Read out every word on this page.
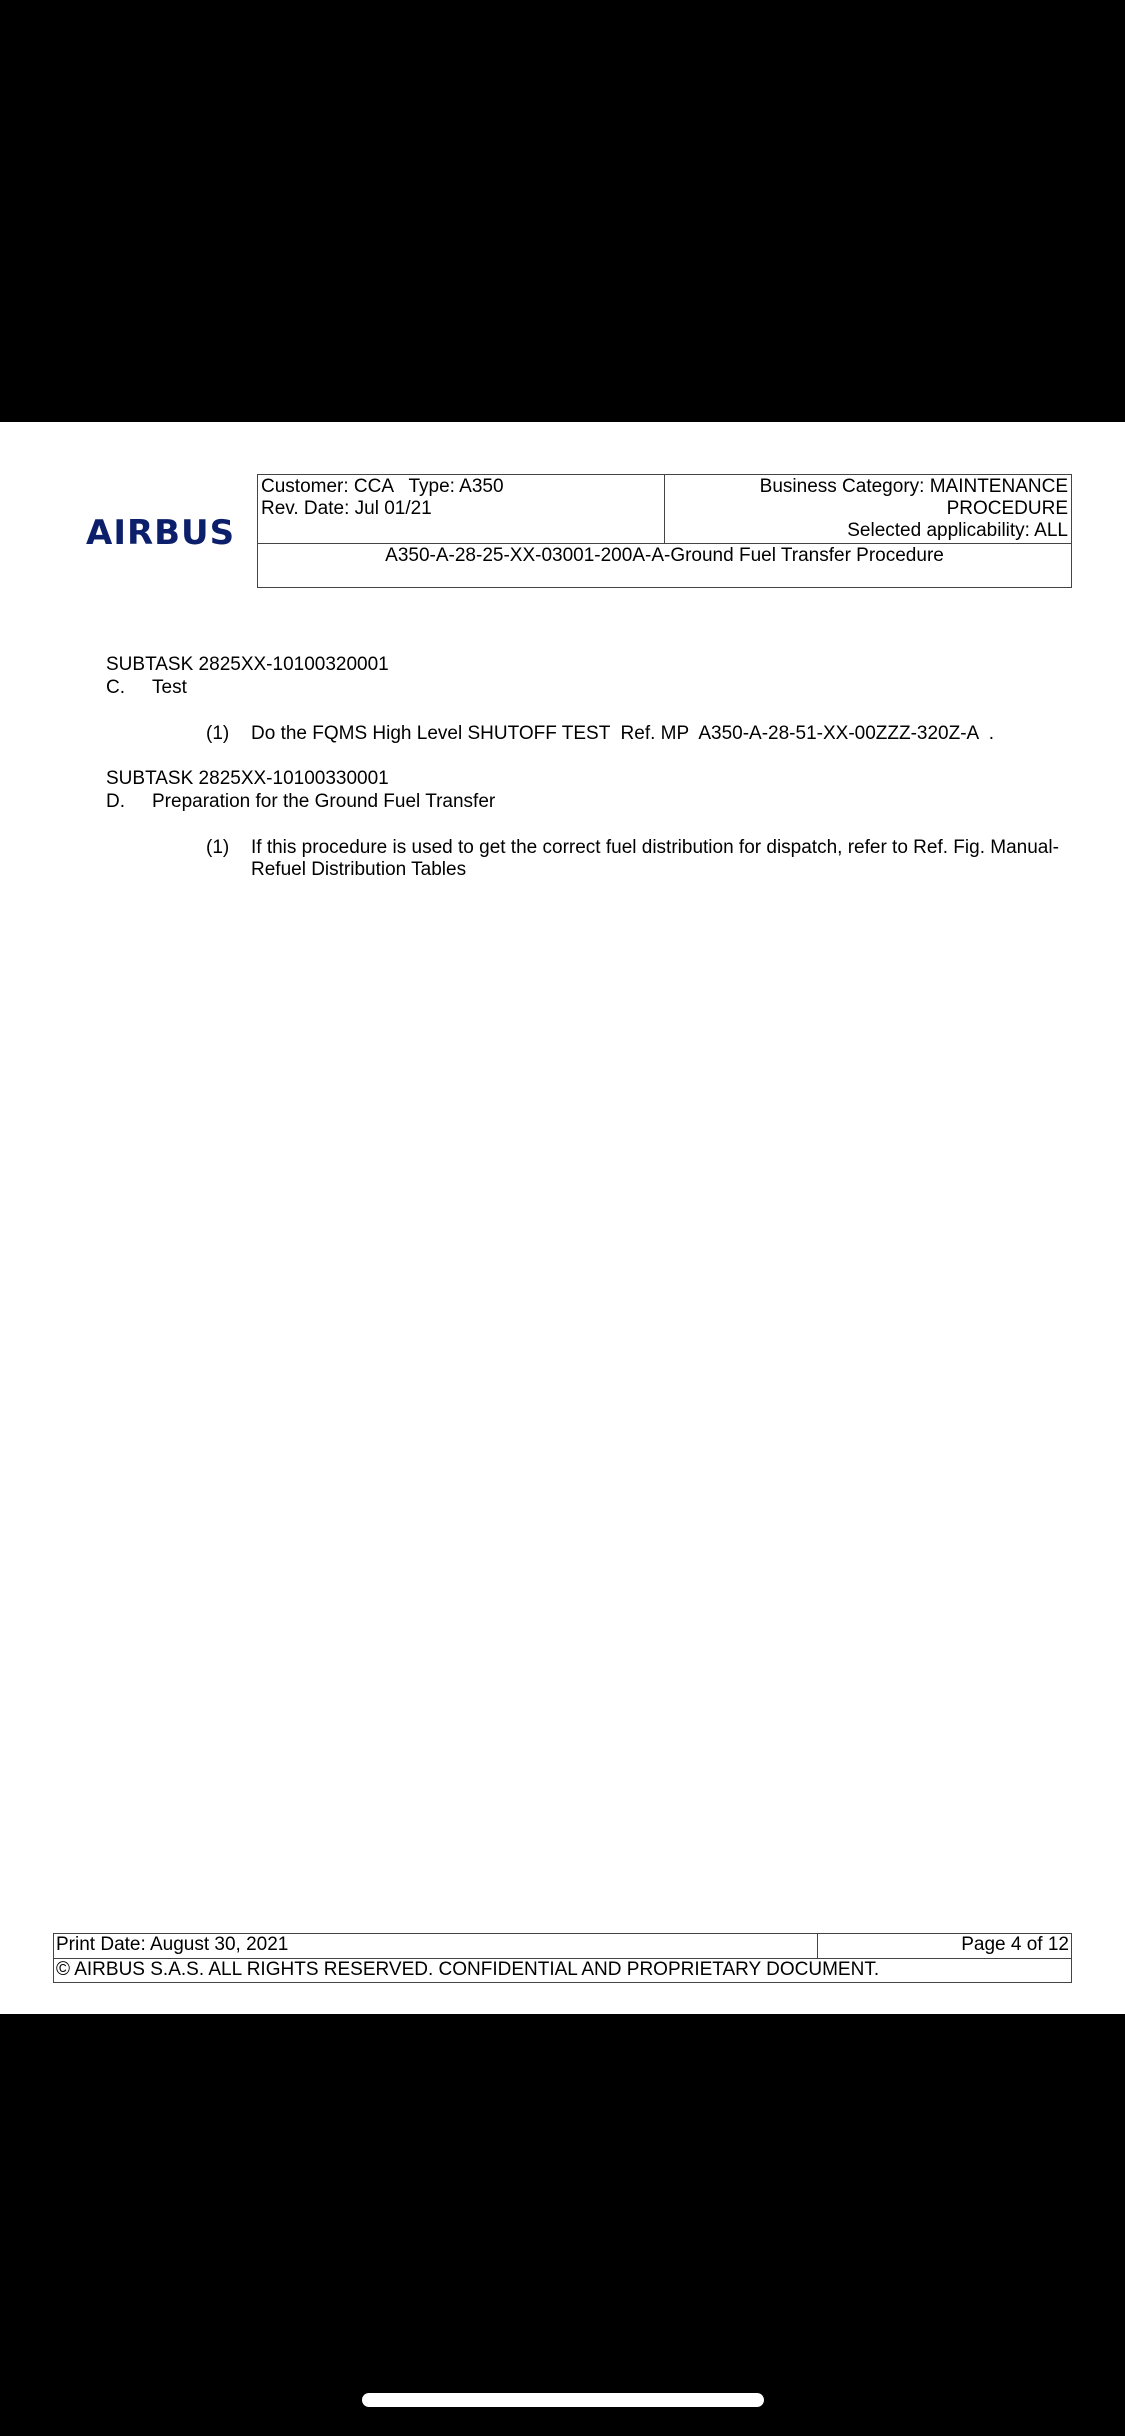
AIRBUS
Customer: CCA   Type: A350
Rev. Date: Jul 01/21
Business Category: MAINTENANCE
PROCEDURE
Selected applicability: ALL
A350-A-28-25-XX-03001-200A-A-Ground Fuel Transfer Procedure
SUBTASK 2825XX-10100320001
C. Test
(1) Do the FQMS High Level SHUTOFF TEST  Ref. MP  A350-A-28-51-XX-00ZZZ-320Z-A  .
SUBTASK 2825XX-10100330001
D. Preparation for the Ground Fuel Transfer
(1) If this procedure is used to get the correct fuel distribution for dispatch, refer to Ref. Fig. Manual-Refuel Distribution Tables
Print Date: August 30, 2021	Page 4 of 12
© AIRBUS S.A.S. ALL RIGHTS RESERVED. CONFIDENTIAL AND PROPRIETARY DOCUMENT.
